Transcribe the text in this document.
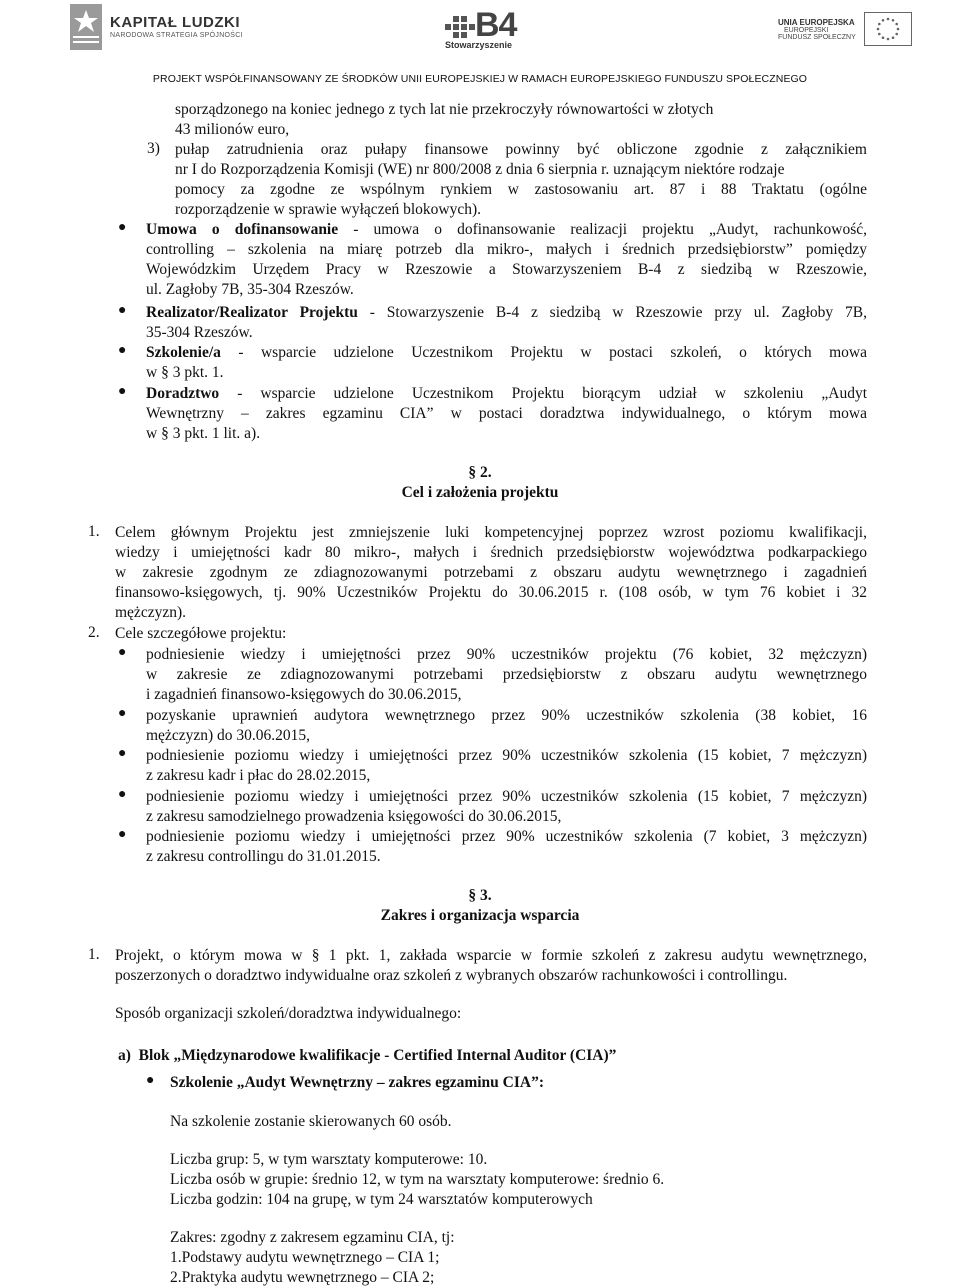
KAPITAŁ LUDZKI
NARODOWA STRATEGIA SPÓJNOŚCI	B4
Stowarzyszenie
UNIA EUROPEJSKA
EUROPEJSKI
FUNDUSZ SPOŁECZNY
PROJEKT WSPÓŁFINANSOWANY ZE ŚRODKÓW UNII EUROPEJSKIEJ W RAMACH EUROPEJSKIEGO FUNDUSZU SPOŁECZNEGO
sporządzonego na koniec jednego z tych lat nie przekroczyły równowartości w złotych
43 milionów euro,
3) pułap zatrudnienia oraz pułapy finansowe powinny być obliczone zgodnie z załącznikiem
nr I do Rozporządzenia Komisji (WE) nr 800/2008 z dnia 6 sierpnia r. uznającym niektóre rodzaje
pomocy za zgodne ze wspólnym rynkiem w zastosowaniu art. 87 i 88 Traktatu (ogólne
rozporządzenie w sprawie wyłączeń blokowych).
● Umowa o dofinansowanie - umowa o dofinansowanie realizacji projektu „Audyt, rachunkowość,
controlling – szkolenia na miarę potrzeb dla mikro-, małych i średnich przedsiębiorstw” pomiędzy
Wojewódzkim Urzędem Pracy w Rzeszowie a Stowarzyszeniem B-4 z siedzibą w Rzeszowie,
ul. Zagłoby 7B, 35-304 Rzeszów.
● Realizator/Realizator Projektu - Stowarzyszenie B-4 z siedzibą w Rzeszowie przy ul. Zagłoby 7B,
35-304 Rzeszów.
● Szkolenie/a - wsparcie udzielone Uczestnikom Projektu w postaci szkoleń, o których mowa
w § 3 pkt. 1.
● Doradztwo - wsparcie udzielone Uczestnikom Projektu biorącym udział w szkoleniu „Audyt
Wewnętrzny – zakres egzaminu CIA” w postaci doradztwa indywidualnego, o którym mowa
w § 3 pkt. 1 lit. a).
§ 2.
Cel i założenia projektu
1. Celem głównym Projektu jest zmniejszenie luki kompetencyjnej poprzez wzrost poziomu kwalifikacji,
wiedzy i umiejętności kadr 80 mikro-, małych i średnich przedsiębiorstw województwa podkarpackiego
w zakresie zgodnym ze zdiagnozowanymi potrzebami z obszaru audytu wewnętrznego i zagadnień
finansowo-księgowych, tj. 90% Uczestników Projektu do 30.06.2015 r. (108 osób, w tym 76 kobiet i 32
mężczyzn).
2. Cele szczegółowe projektu:
● podniesienie wiedzy i umiejętności przez 90% uczestników projektu (76 kobiet, 32 mężczyzn)
w zakresie ze zdiagnozowanymi potrzebami przedsiębiorstw z obszaru audytu wewnętrznego
i zagadnień finansowo-księgowych do 30.06.2015,
● pozyskanie uprawnień audytora wewnętrznego przez 90% uczestników szkolenia (38 kobiet, 16
mężczyzn) do 30.06.2015,
● podniesienie poziomu wiedzy i umiejętności przez 90% uczestników szkolenia (15 kobiet, 7 mężczyzn)
z zakresu kadr i płac do 28.02.2015,
● podniesienie poziomu wiedzy i umiejętności przez 90% uczestników szkolenia (15 kobiet, 7 mężczyzn)
z zakresu samodzielnego prowadzenia księgowości do 30.06.2015,
● podniesienie poziomu wiedzy i umiejętności przez 90% uczestników szkolenia (7 kobiet, 3 mężczyzn)
z zakresu controllingu do 31.01.2015.
§ 3.
Zakres i organizacja wsparcia
1. Projekt, o którym mowa w § 1 pkt. 1, zakłada wsparcie w formie szkoleń z zakresu audytu wewnętrznego,
poszerzonych o doradztwo indywidualne oraz szkoleń z wybranych obszarów rachunkowości i controllingu.
Sposób organizacji szkoleń/doradztwa indywidualnego:
a)  Blok „Międzynarodowe kwalifikacje - Certified Internal Auditor (CIA)”
● Szkolenie „Audyt Wewnętrzny – zakres egzaminu CIA”:
Na szkolenie zostanie skierowanych 60 osób.
Liczba grup: 5, w tym warsztaty komputerowe: 10.
Liczba osób w grupie: średnio 12, w tym na warsztaty komputerowe: średnio 6.
Liczba godzin: 104 na grupę, w tym 24 warsztatów komputerowych
Zakres: zgodny z zakresem egzaminu CIA, tj:
1.Podstawy audytu wewnętrznego – CIA 1;
2.Praktyka audytu wewnętrznego – CIA 2;
